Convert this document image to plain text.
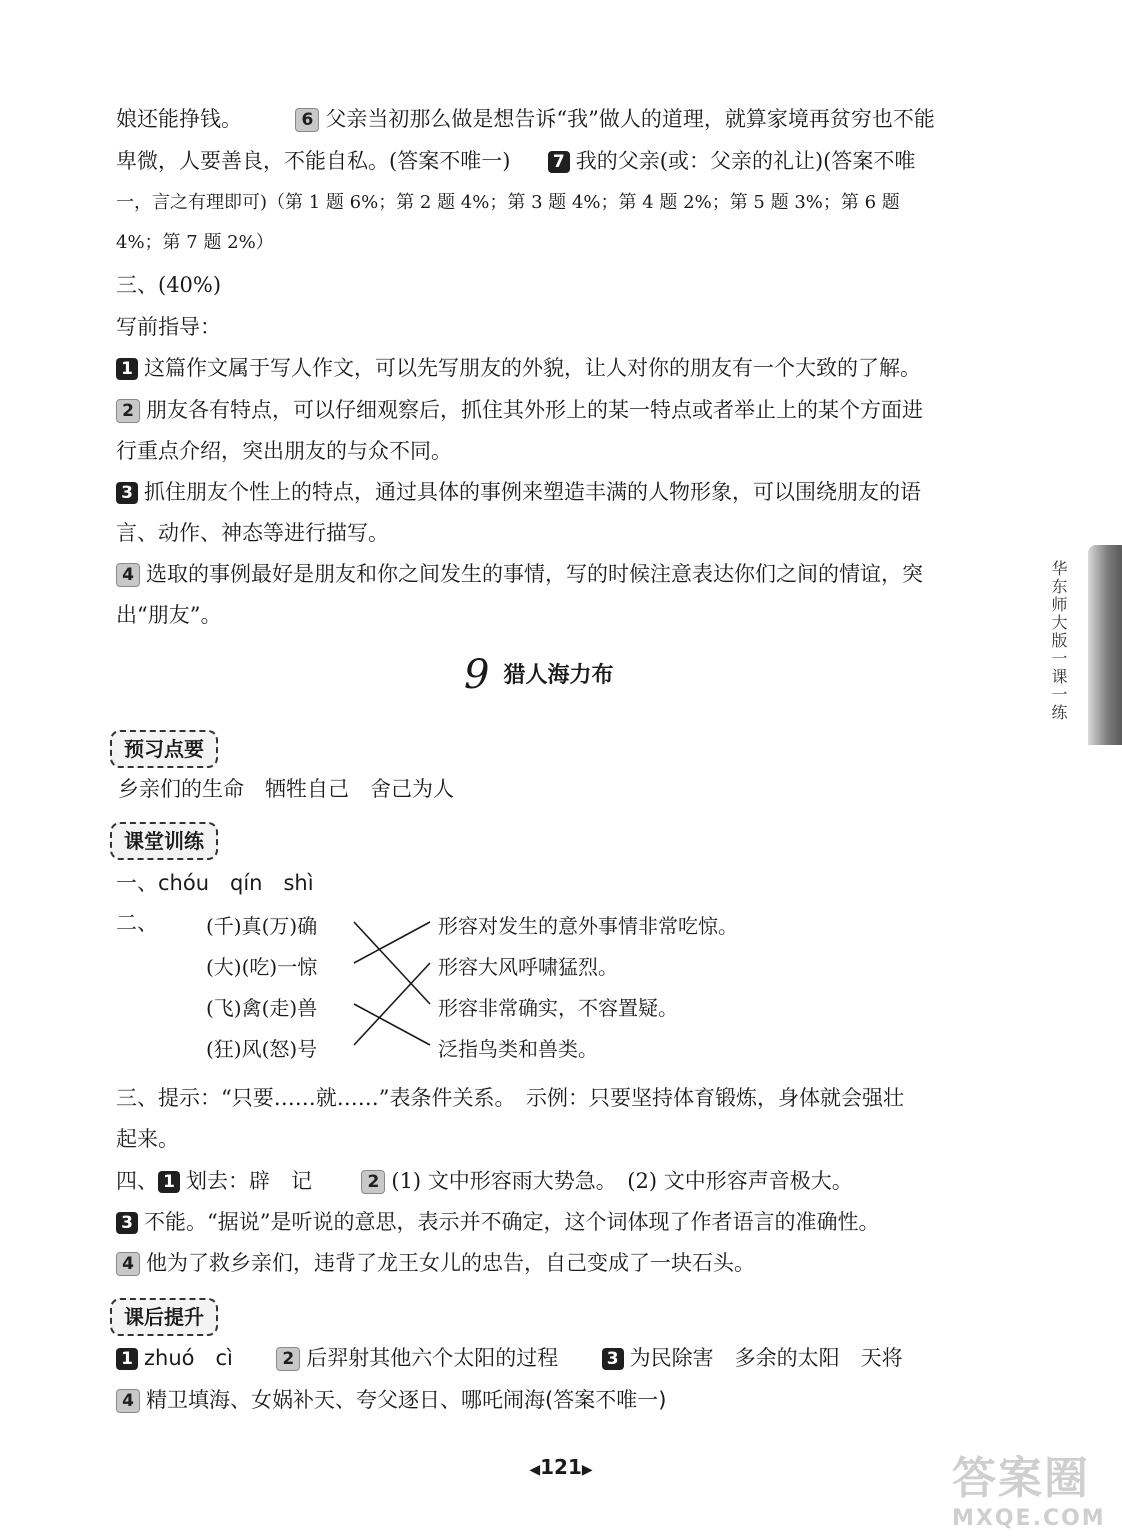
娘还能挣钱。	6 父亲当初那么做是想告诉“我”做人的道理，就算家境再贫穷也不能
卑微，人要善良，不能自私。(答案不唯一) 7 我的父亲(或：父亲的礼让)(答案不唯
一，言之有理即可)（第 1 题 6%；第 2 题 4%；第 3 题 4%；第 4 题 2%；第 5 题 3%；第 6 题
4%；第 7 题 2%）
三、(40%)
写前指导：
1 这篇作文属于写人作文，可以先写朋友的外貌，让人对你的朋友有一个大致的了解。
2 朋友各有特点，可以仔细观察后，抓住其外形上的某一特点或者举止上的某个方面进
行重点介绍，突出朋友的与众不同。
3 抓住朋友个性上的特点，通过具体的事例来塑造丰满的人物形象，可以围绕朋友的语
言、动作、神态等进行描写。
4 选取的事例最好是朋友和你之间发生的事情，写的时候注意表达你们之间的情谊，突
出“朋友”。
9 猎人海力布
预习点要
乡亲们的生命　牺牲自己　舍己为人
课堂训练
一、chóu　qín　shì
二、	(千)真(万)确
(大)(吃)一惊
(飞)禽(走)兽
(狂)风(怒)号
形容对发生的意外事情非常吃惊。
形容大风呼啸猛烈。
形容非常确实，不容置疑。
泛指鸟类和兽类。
三、提示：“只要……就……”表条件关系。　示例：只要坚持体育锻炼，身体就会强壮
起来。
四、 1 划去：辟　记	2 (1) 文中形容雨大势急。　(2) 文中形容声音极大。
3 不能。“据说”是听说的意思，表示并不确定，这个词体现了作者语言的准确性。
4 他为了救乡亲们，违背了龙王女儿的忠告，自己变成了一块石头。
课后提升
1 zhuó　cì	2 后羿射其他六个太阳的过程	3 为民除害　多余的太阳　天将
4 精卫填海、女娲补天、夸父逐日、哪吒闹海(答案不唯一)
华东师大版一课一练
◀121▶	答案圈
MXQE.COM
